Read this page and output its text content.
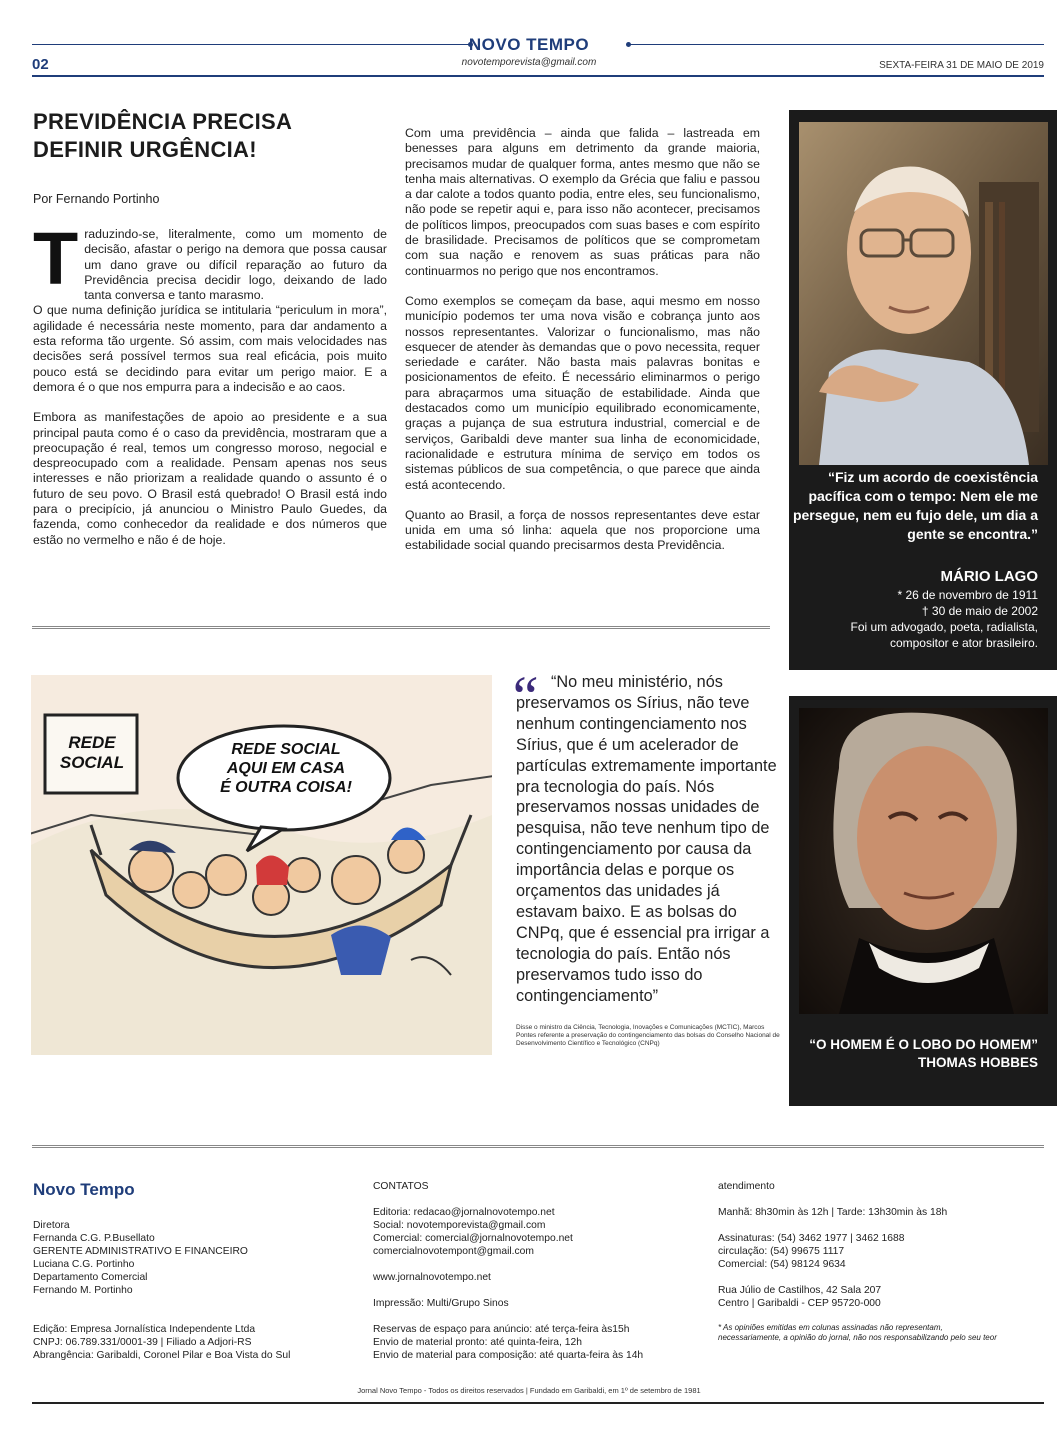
NOVO TEMPO
novotemporevista@gmail.com
02	SEXTA-FEIRA 31 DE MAIO DE 2019
PREVIDÊNCIA PRECISA
DEFINIR URGÊNCIA!
Por Fernando Portinho

Traduzindo-se, literalmente, como um momento de decisão, afastar o perigo na demora que possa causar um dano grave ou difícil reparação ao futuro da Previdência precisa decidir logo, deixando de lado tanta conversa e tanto marasmo.

O que numa definição jurídica se intitularia “periculum in mora”, agilidade é necessária neste momento, para dar andamento a esta reforma tão urgente. Só assim, com mais velocidades nas decisões será possível termos sua real eficácia, pois muito pouco está se decidindo para evitar um perigo maior. E a demora é o que nos empurra para a indecisão e ao caos.

Embora as manifestações de apoio ao presidente e a sua principal pauta como é o caso da previdência, mostraram que a preocupação é real, temos um congresso moroso, negocial e despreocupado com a realidade. Pensam apenas nos seus interesses e não priorizam a realidade quando o assunto é o futuro de seu povo. O Brasil está quebrado! O Brasil está indo para o precipício, já anunciou o Ministro Paulo Guedes, da fazenda, como conhecedor da realidade e dos números que estão no vermelho e não é de hoje.

Com uma previdência – ainda que falida – lastreada em benesses para alguns em detrimento da grande maioria, precisamos mudar de qualquer forma, antes mesmo que não se tenha mais alternativas. O exemplo da Grécia que faliu e passou a dar calote a todos quanto podia, entre eles, seu funcionalismo, não pode se repetir aqui e, para isso não acontecer, precisamos de políticos limpos, preocupados com suas bases e com espírito de brasilidade. Precisamos de políticos que se comprometam com sua nação e renovem as suas práticas para não continuarmos no perigo que nos encontramos.

Como exemplos se começam da base, aqui mesmo em nosso município podemos ter uma nova visão e cobrança junto aos nossos representantes. Valorizar o funcionalismo, mas não esquecer de atender às demandas que o povo necessita, requer seriedade e caráter. Não basta mais palavras bonitas e posicionamentos de efeito. É necessário eliminarmos o perigo para abraçarmos uma situação de estabilidade. Ainda que destacados como um município equilibrado economicamente, graças a pujança de sua estrutura industrial, comercial e de serviços, Garibaldi deve manter sua linha de economicidade, racionalidade e estrutura mínima de serviço em todos os sistemas públicos de sua competência, o que parece que ainda está acontecendo.

Quanto ao Brasil, a força de nossos representantes deve estar unida em uma só linha: aquela que nos proporcione uma estabilidade social quando precisarmos desta Previdência.

“Fiz um acordo de coexistência pacífica com o tempo: Nem ele me persegue, nem eu fujo dele, um dia a gente se encontra.”
MÁRIO LAGO
* 26 de novembro de 1911
† 30 de maio de 2002
Foi um advogado, poeta, radialista, compositor e ator brasileiro.
REDE SOCIAL
REDE SOCIAL
AQUI EM CASA
É OUTRA COISA!
“ “No meu ministério, nós preservamos os Sírius, não teve nenhum contingenciamento nos Sírius, que é um acelerador de partículas extremamente importante pra tecnologia do país. Nós preservamos nossas unidades de pesquisa, não teve nenhum tipo de contingenciamento por causa da importância delas e porque os orçamentos das unidades já estavam baixo. E as bolsas do CNPq, que é essencial pra irrigar a tecnologia do país. Então nós preservamos tudo isso do contingenciamento”
Disse o ministro da Ciência, Tecnologia, Inovações e Comunicações (MCTIC), Marcos Pontes referente a preservação do contingenciamento das bolsas do Conselho Nacional de Desenvolvimento Científico e Tecnológico (CNPq)	“O HOMEM É O LOBO DO HOMEM”
THOMAS HOBBES
Novo Tempo
Diretora
Fernanda C.G. P.Busellato
GERENTE ADMINISTRATIVO E FINANCEIRO
Luciana C.G. Portinho
Departamento Comercial
Fernando M. Portinho
Edição: Empresa Jornalística Independente Ltda
CNPJ: 06.789.331/0001-39 | Filiado a Adjori-RS
Abrangência: Garibaldi, Coronel Pilar e Boa Vista do Sul
CONTATOS
Editoria: redacao@jornalnovotempo.net
Social: novotemporevista@gmail.com
Comercial: comercial@jornalnovotempo.net
comercialnovotempont@gmail.com
www.jornalnovotempo.net
Impressão: Multi/Grupo Sinos
Reservas de espaço para anúncio: até terça-feira às15h
Envio de material pronto: até quinta-feira, 12h
Envio de material para composição: até quarta-feira às 14h
atendimento
Manhã: 8h30min às 12h | Tarde: 13h30min às 18h
Assinaturas: (54) 3462 1977 | 3462 1688
circulação: (54) 99675 1117
Comercial: (54) 98124 9634
Rua Júlio de Castilhos, 42 Sala 207
Centro | Garibaldi - CEP 95720-000
* As opiniões emitidas em colunas assinadas não representam,
necessariamente, a opinião do jornal, não nos responsabilizando pelo seu teor
Jornal Novo Tempo - Todos os direitos reservados | Fundado em Garibaldi, em 1º de setembro de 1981
